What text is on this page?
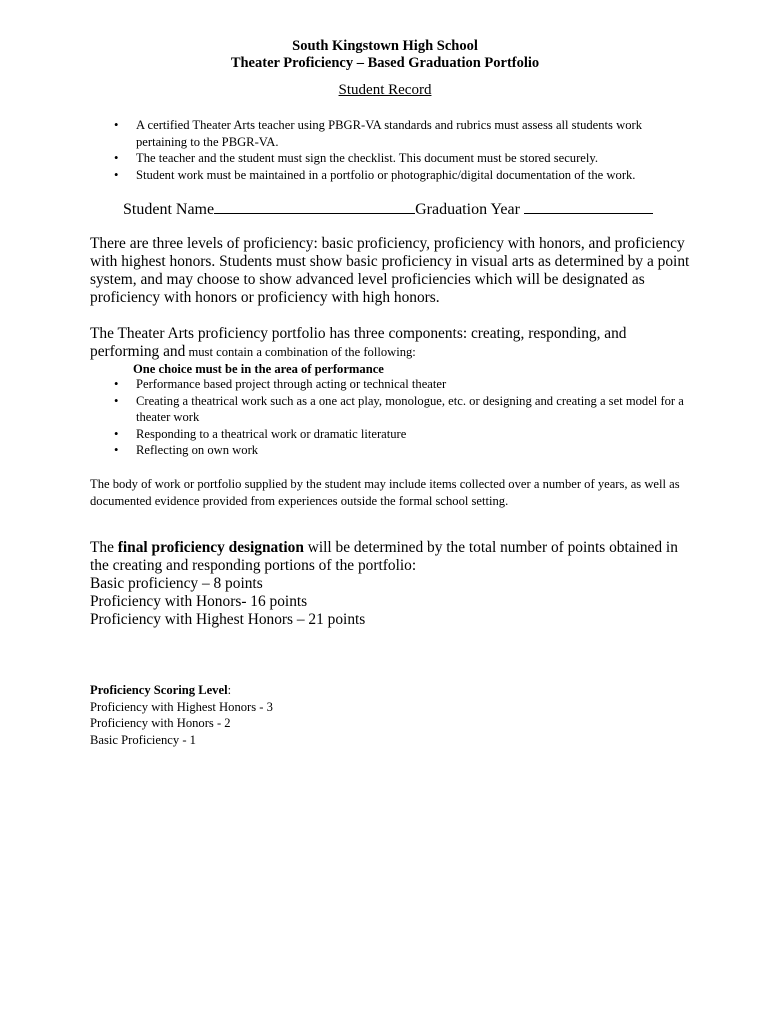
South Kingstown High School
Theater Proficiency – Based Graduation Portfolio
Student Record
• A certified Theater Arts teacher using PBGR-VA standards and rubrics must assess all students work pertaining to the PBGR-VA.
• The teacher and the student must sign the checklist. This document must be stored securely.
• Student work must be maintained in a portfolio or photographic/digital documentation of the work.
Student Name	Graduation Year

There are three levels of proficiency: basic proficiency, proficiency with honors, and proficiency with highest honors. Students must show basic proficiency in visual arts as determined by a point system, and may choose to show advanced level proficiencies which will be designated as proficiency with honors or proficiency with high honors.

The Theater Arts proficiency portfolio has three components: creating, responding, and performing and must contain a combination of the following:

One choice must be in the area of performance
• Performance based project through acting or technical theater
• Creating a theatrical work such as a one act play, monologue, etc. or designing and creating a set model for a theater work
• Responding to a theatrical work or dramatic literature
• Reflecting on own work

The body of work or portfolio supplied by the student may include items collected over a number of years, as well as documented evidence provided from experiences outside the formal school setting.

The final proficiency designation will be determined by the total number of points obtained in the creating and responding portions of the portfolio:

Basic proficiency – 8 points
Proficiency with Honors- 16 points
Proficiency with Highest Honors – 21 points
Proficiency Scoring Level:
Proficiency with Highest Honors - 3
Proficiency with Honors - 2
Basic Proficiency - 1
